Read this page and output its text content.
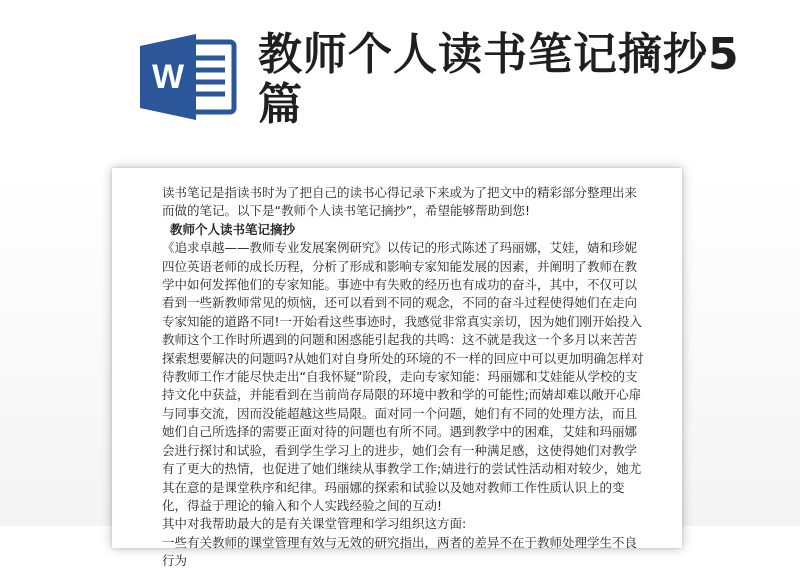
W 教师个人读书笔记摘抄5篇

读书笔记是指读书时为了把自己的读书心得记录下来或为了把文中的精彩部分整理出来而做的笔记。以下是“教师个人读书笔记摘抄”，希望能够帮助到您!

教师个人读书笔记摘抄

《追求卓越——教师专业发展案例研究》以传记的形式陈述了玛丽娜，艾娃，婧和珍妮四位英语老师的成长历程，分析了形成和影响专家知能发展的因素，并阐明了教师在教学中如何发挥他们的专家知能。事迹中有失败的经历也有成功的奋斗，其中，不仅可以看到一些新教师常见的烦恼，还可以看到不同的观念，不同的奋斗过程使得她们在走向专家知能的道路不同!一开始看这些事迹时，我感觉非常真实亲切，因为她们刚开始投入教师这个工作时所遇到的问题和困惑能引起我的共鸣：这不就是我这一个多月以来苦苦探索想要解决的问题吗?从她们对自身所处的环境的不一样的回应中可以更加明确怎样对待教师工作才能尽快走出“自我怀疑”阶段，走向专家知能：玛丽娜和艾娃能从学校的支持文化中获益，并能看到在当前尚存局限的环境中教和学的可能性;而婧却难以敞开心扉与同事交流，因而没能超越这些局限。面对同一个问题，她们有不同的处理方法，而且她们自己所选择的需要正面对待的问题也有所不同。遇到教学中的困难，艾娃和玛丽娜会进行探讨和试验，看到学生学习上的进步，她们会有一种满足感，这使得她们对教学有了更大的热情，也促进了她们继续从事教学工作;婧进行的尝试性活动相对较少，她尤其在意的是课堂秩序和纪律。玛丽娜的探索和试验以及她对教师工作性质认识上的变化，得益于理论的输入和个人实践经验之间的互动!

其中对我帮助最大的是有关课堂管理和学习组织这方面:

一些有关教师的课堂管理有效与无效的研究指出，两者的差异不在于教师处理学生不良行为
